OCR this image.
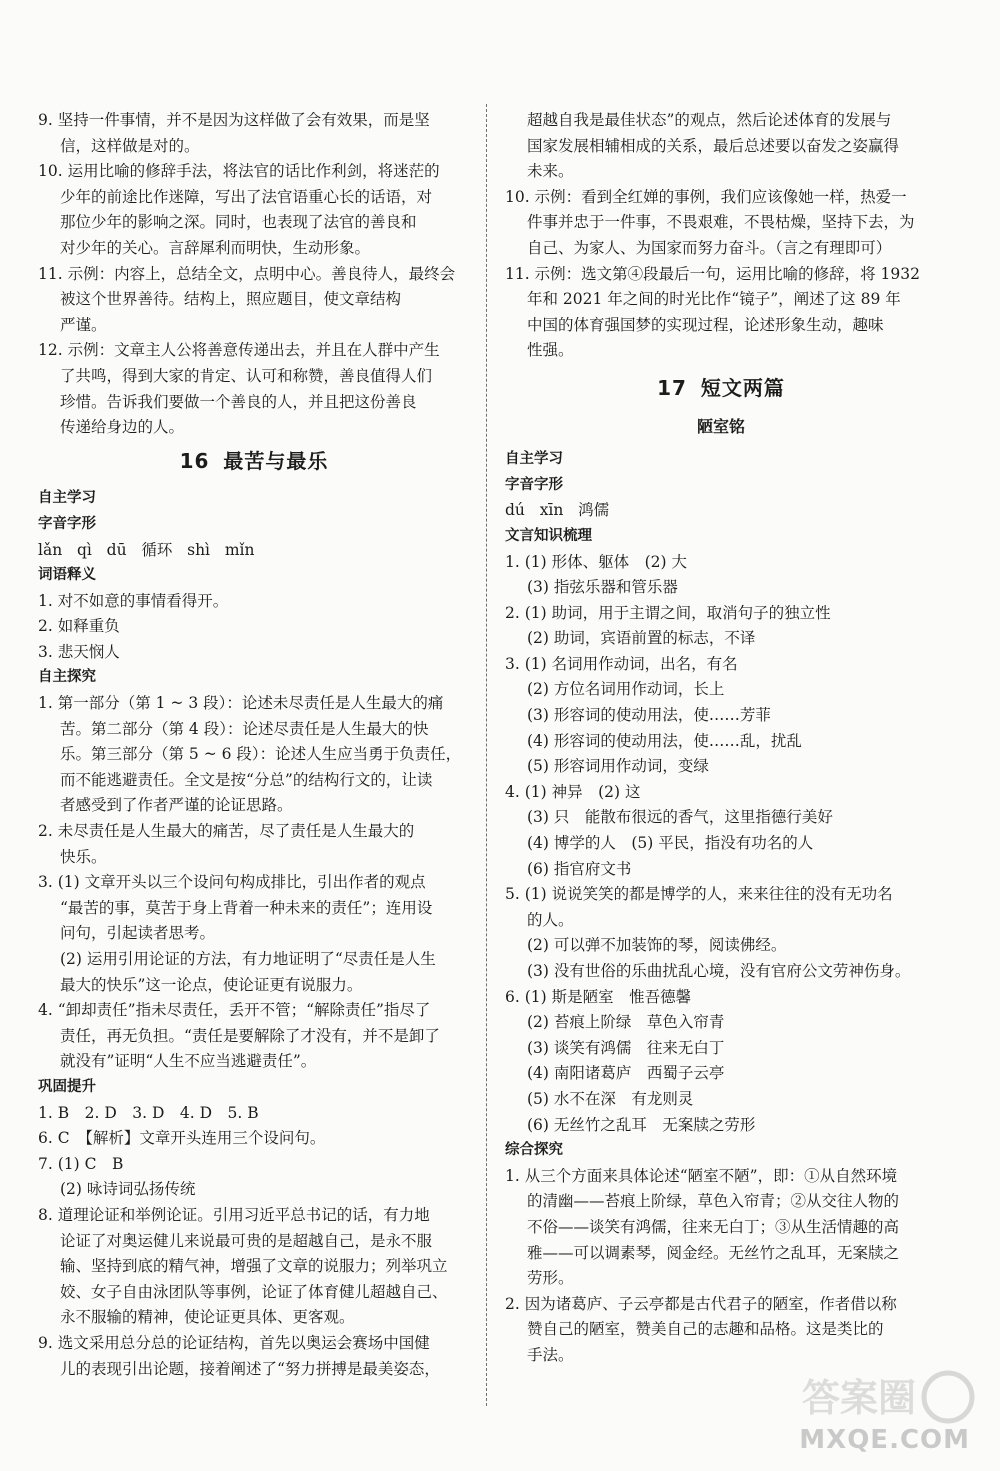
9. 坚持一件事情，并不是因为这样做了会有效果，而是坚
信，这样做是对的。
10. 运用比喻的修辞手法，将法官的话比作利剑，将迷茫的
少年的前途比作迷障，写出了法官语重心长的话语，对
那位少年的影响之深。同时，也表现了法官的善良和
对少年的关心。言辞犀利而明快，生动形象。
11. 示例：内容上，总结全文，点明中心。善良待人，最终会
被这个世界善待。结构上，照应题目，使文章结构
严谨。
12. 示例：文章主人公将善意传递出去，并且在人群中产生
了共鸣，得到大家的肯定、认可和称赞，善良值得人们
珍惜。告诉我们要做一个善良的人，并且把这份善良
传递给身边的人。
16 最苦与最乐
自主学习
字音字形
lǎn qì dū 循环 shì mǐn
词语释义
1. 对不如意的事情看得开。
2. 如释重负
3. 悲天悯人
自主探究
1. 第一部分（第 1 ~ 3 段）：论述未尽责任是人生最大的痛
苦。第二部分（第 4 段）：论述尽责任是人生最大的快
乐。第三部分（第 5 ~ 6 段）：论述人生应当勇于负责任，
而不能逃避责任。全文是按“分总”的结构行文的，让读
者感受到了作者严谨的论证思路。
2. 未尽责任是人生最大的痛苦，尽了责任是人生最大的
快乐。
3. (1) 文章开头以三个设问句构成排比，引出作者的观点
“最苦的事，莫苦于身上背着一种未来的责任”；连用设
问句，引起读者思考。
(2) 运用引用论证的方法，有力地证明了“尽责任是人生
最大的快乐”这一论点，使论证更有说服力。
4. “卸却责任”指未尽责任，丢开不管；“解除责任”指尽了
责任，再无负担。“责任是要解除了才没有，并不是卸了
就没有”证明“人生不应当逃避责任”。
巩固提升
1. B　2. D　3. D　4. D　5. B
6. C　【解析】文章开头连用三个设问句。
7. (1) C　B
(2) 咏诗词弘扬传统
8. 道理论证和举例论证。引用习近平总书记的话，有力地
论证了对奥运健儿来说最可贵的是超越自己，是永不服
输、坚持到底的精气神，增强了文章的说服力；列举巩立
姣、女子自由泳团队等事例，论证了体育健儿超越自己、
永不服输的精神，使论证更具体、更客观。
9. 选文采用总分总的论证结构，首先以奥运会赛场中国健
儿的表现引出论题，接着阐述了“努力拼搏是最美姿态，
超越自我是最佳状态”的观点，然后论述体育的发展与
国家发展相辅相成的关系，最后总述要以奋发之姿赢得
未来。
10. 示例：看到全红婵的事例，我们应该像她一样，热爱一
件事并忠于一件事，不畏艰难，不畏枯燥，坚持下去，为
自己、为家人、为国家而努力奋斗。（言之有理即可）
11. 示例：选文第④段最后一句，运用比喻的修辞，将 1932
年和 2021 年之间的时光比作“镜子”，阐述了这 89 年
中国的体育强国梦的实现过程，论述形象生动，趣味
性强。
17 短文两篇
陋室铭
自主学习
字音字形
dú xīn 鸿儒
文言知识梳理
1. (1) 形体、躯体　(2) 大
(3) 指弦乐器和管乐器
2. (1) 助词，用于主谓之间，取消句子的独立性
(2) 助词，宾语前置的标志，不译
3. (1) 名词用作动词，出名，有名
(2) 方位名词用作动词，长上
(3) 形容词的使动用法，使……芳菲
(4) 形容词的使动用法，使……乱，扰乱
(5) 形容词用作动词，变绿
4. (1) 神异　(2) 这
(3) 只　能散布很远的香气，这里指德行美好
(4) 博学的人　(5) 平民，指没有功名的人
(6) 指官府文书
5. (1) 说说笑笑的都是博学的人，来来往往的没有无功名
的人。
(2) 可以弹不加装饰的琴，阅读佛经。
(3) 没有世俗的乐曲扰乱心境，没有官府公文劳神伤身。
6. (1) 斯是陋室　惟吾德馨
(2) 苔痕上阶绿　草色入帘青
(3) 谈笑有鸿儒　往来无白丁
(4) 南阳诸葛庐　西蜀子云亭
(5) 水不在深　有龙则灵
(6) 无丝竹之乱耳　无案牍之劳形
综合探究
1. 从三个方面来具体论述“陋室不陋”，即：①从自然环境
的清幽——苔痕上阶绿，草色入帘青；②从交往人物的
不俗——谈笑有鸿儒，往来无白丁；③从生活情趣的高
雅——可以调素琴，阅金经。无丝竹之乱耳，无案牍之
劳形。
2. 因为诸葛庐、子云亭都是古代君子的陋室，作者借以称
赞自己的陋室，赞美自己的志趣和品格。这是类比的
手法。
答案圈
MXQE.COM
